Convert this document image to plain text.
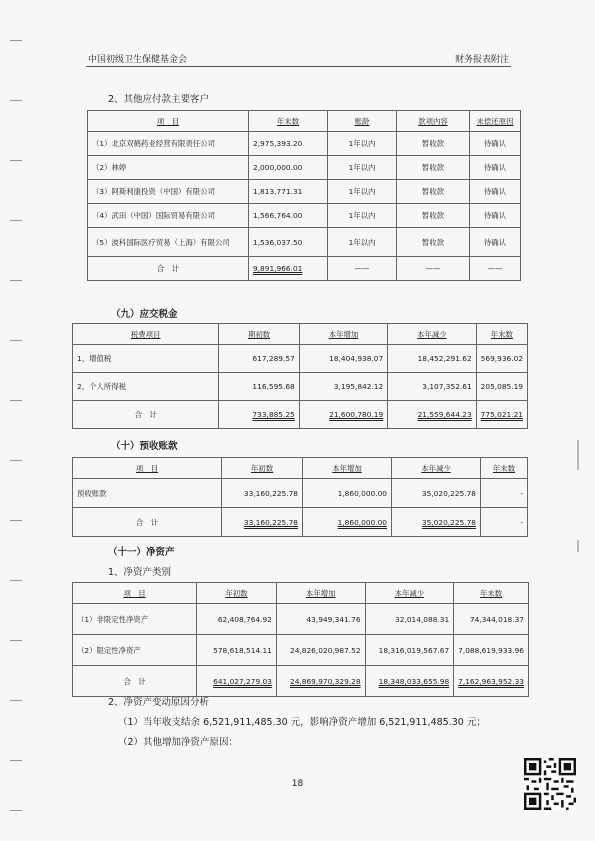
中国初级卫生保健基金会	财务报表附注
2、其他应付款主要客户
项　目	年末数	账龄	款项内容	未偿还原因
（1）北京双鹤药业经营有限责任公司	2,975,393.20	1年以内	暂收款	待确认
（2）林婷	2,000,000.00	1年以内	暂收款	待确认
（3）阿斯利康投资（中国）有限公司	1,813,771.31	1年以内	暂收款	待确认
（4）武田（中国）国际贸易有限公司	1,566,764.00	1年以内	暂收款	待确认
（5）波科国际医疗贸易（上海）有限公司	1,536,037.50	1年以内	暂收款	待确认
合　计	9,891,966.01	——	——	——
（九）应交税金
税费项目	期初数	本年增加	本年减少	年末数
1、增值税	617,289.57	18,404,938.07	18,452,291.62	569,936.02
2、个人所得税	116,595.68	3,195,842.12	3,107,352.61	205,085.19
合　计	733,885.25	21,600,780.19	21,559,644.23	775,021.21
（十）预收账款
项　目	年初数	本年增加	本年减少	年末数
预收账款	33,160,225.78	1,860,000.00	35,020,225.78	-
合　计	33,160,225.78	1,860,000.00	35,020,225.78	-
（十一）净资产
1、净资产类别
项　目	年初数	本年增加	本年减少	年末数
（1）非限定性净资产	62,408,764.92	43,949,341.76	32,014,088.31	74,344,018.37
（2）限定性净资产	578,618,514.11	24,826,020,987.52	18,316,019,567.67	7,088,619,933.96
合　计	641,027,279.03	24,869,970,329.28	18,348,033,655.98	7,162,963,952.33
2、净资产变动原因分析
（1）当年收支结余 6,521,911,485.30 元，影响净资产增加 6,521,911,485.30 元；
（2）其他增加净资产原因：
18
